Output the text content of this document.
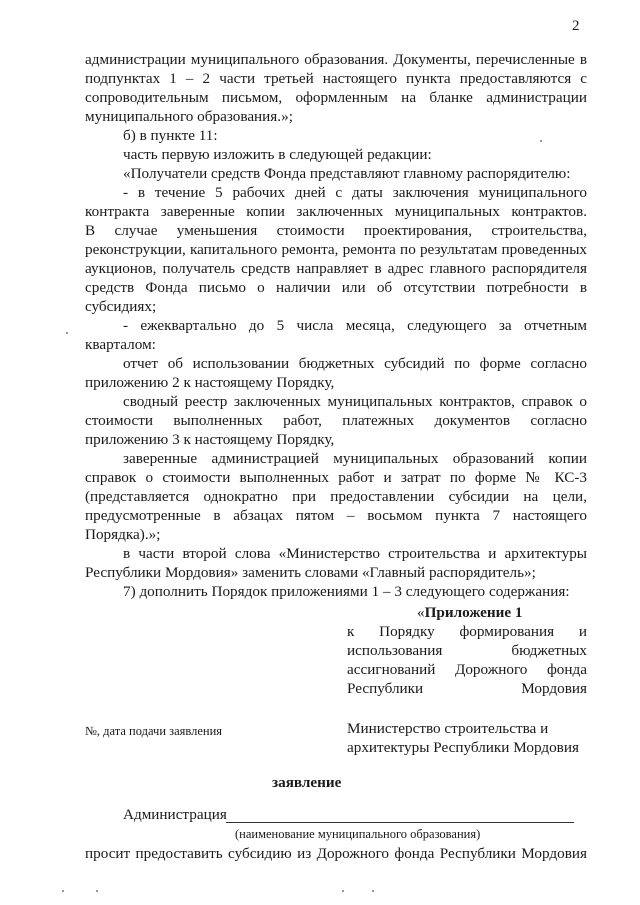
2
администрации муниципального образования. Документы, перечисленные в
подпунктах 1 – 2 части третьей настоящего пункта предоставляются с
сопроводительным письмом, оформленным на бланке администрации
муниципального образования.»;
б) в пункте 11:
часть первую изложить в следующей редакции:
«Получатели средств Фонда представляют главному распорядителю:
- в течение 5 рабочих дней с даты заключения муниципального
контракта заверенные копии заключенных муниципальных контрактов.
В случае уменьшения стоимости проектирования, строительства,
реконструкции, капитального ремонта, ремонта по результатам проведенных
аукционов, получатель средств направляет в адрес главного распорядителя
средств Фонда письмо о наличии или об отсутствии потребности в
субсидиях;
- ежеквартально до 5 числа месяца, следующего за отчетным
кварталом:
отчет об использовании бюджетных субсидий по форме согласно
приложению 2 к настоящему Порядку,
сводный реестр заключенных муниципальных контрактов, справок о
стоимости выполненных работ, платежных документов согласно
приложению 3 к настоящему Порядку,
заверенные администрацией муниципальных образований копии
справок о стоимости выполненных работ и затрат по форме № КС-3
(представляется однократно при предоставлении субсидии на цели,
предусмотренные в абзацах пятом – восьмом пункта 7 настоящего
Порядка).»;
в части второй слова «Министерство строительства и архитектуры
Республики Мордовия» заменить словами «Главный распорядитель»;
7) дополнить Порядок приложениями 1 – 3 следующего содержания:
«Приложение 1
к Порядку формирования и
использования бюджетных
ассигнований Дорожного фонда
Республики Мордовия
№, дата подачи заявления	Министерство строительства и
архитектуры Республики Мордовия
заявление
Администрация
(наименование муниципального образования)
просит предоставить субсидию из Дорожного фонда Республики Мордовия
